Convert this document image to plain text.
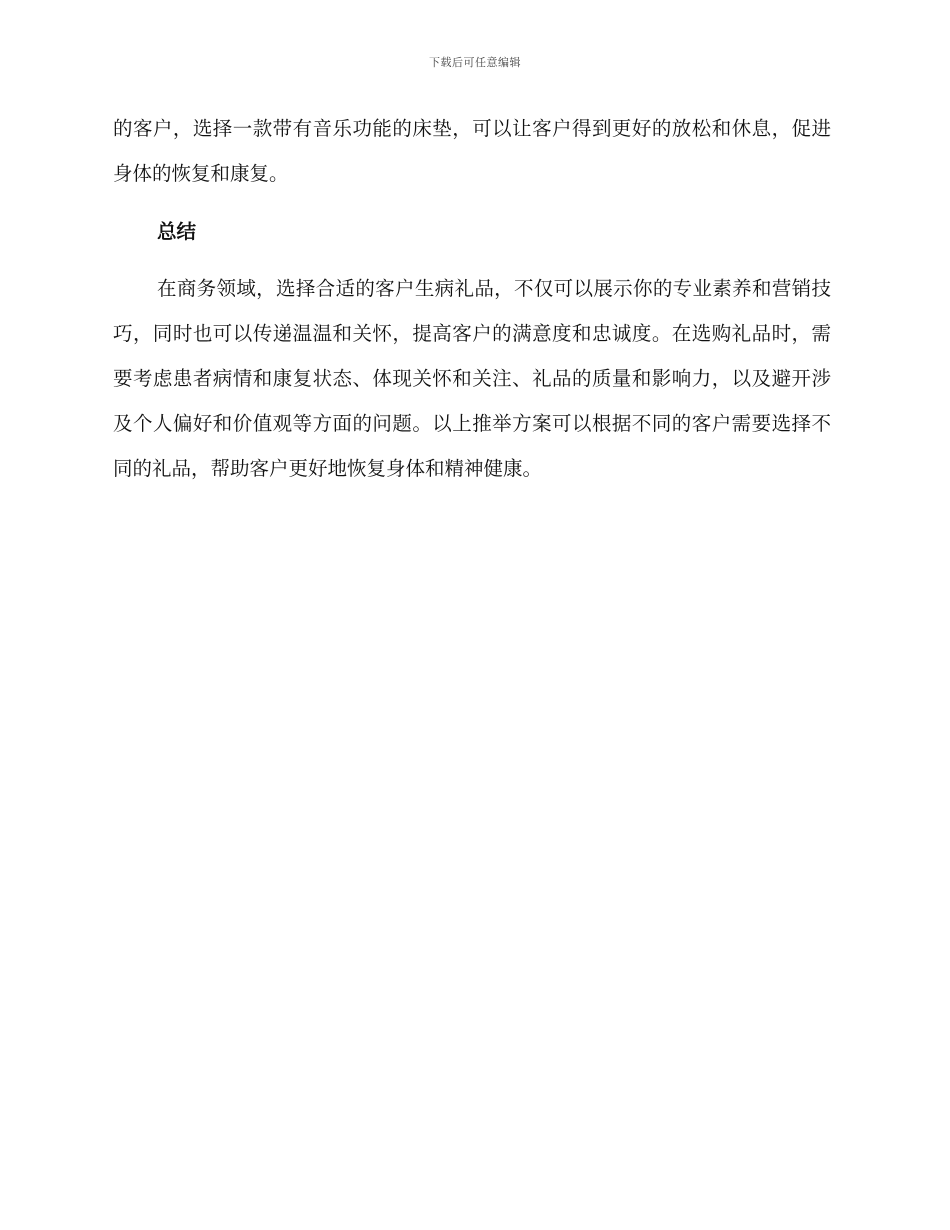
下载后可任意编辑

的客户，选择一款带有音乐功能的床垫，可以让客户得到更好的放松和休息，促进身体的恢复和康复。

总结

在商务领域，选择合适的客户生病礼品，不仅可以展示你的专业素养和营销技巧，同时也可以传递温温和关怀，提高客户的满意度和忠诚度。在选购礼品时，需要考虑患者病情和康复状态、体现关怀和关注、礼品的质量和影响力，以及避开涉及个人偏好和价值观等方面的问题。以上推举方案可以根据不同的客户需要选择不同的礼品，帮助客户更好地恢复身体和精神健康。
